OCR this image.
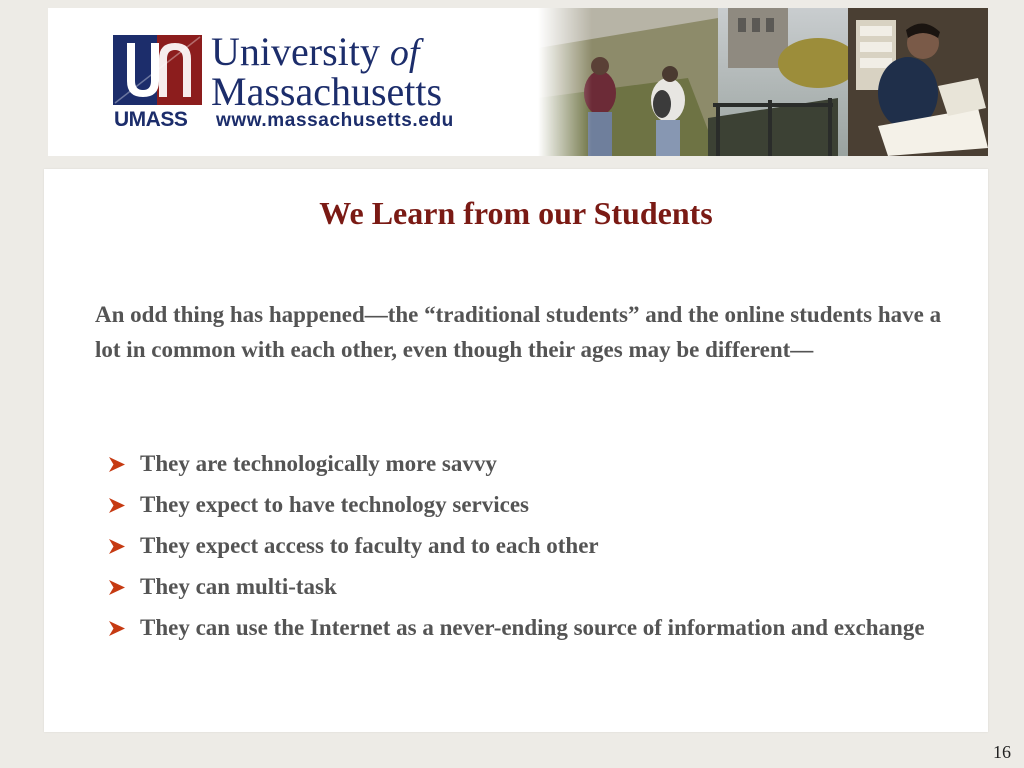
UMASS
University of
Massachusetts
www.massachusetts.edu
We Learn from our Students

An odd thing has happened—the “traditional students” and the online students have a lot in common with each other, even though their ages may be different—

They are technologically more savvy
They expect to have technology services
They expect access to faculty and to each other
They can multi-task
They can use the Internet as a never-ending source of information and exchange
16
